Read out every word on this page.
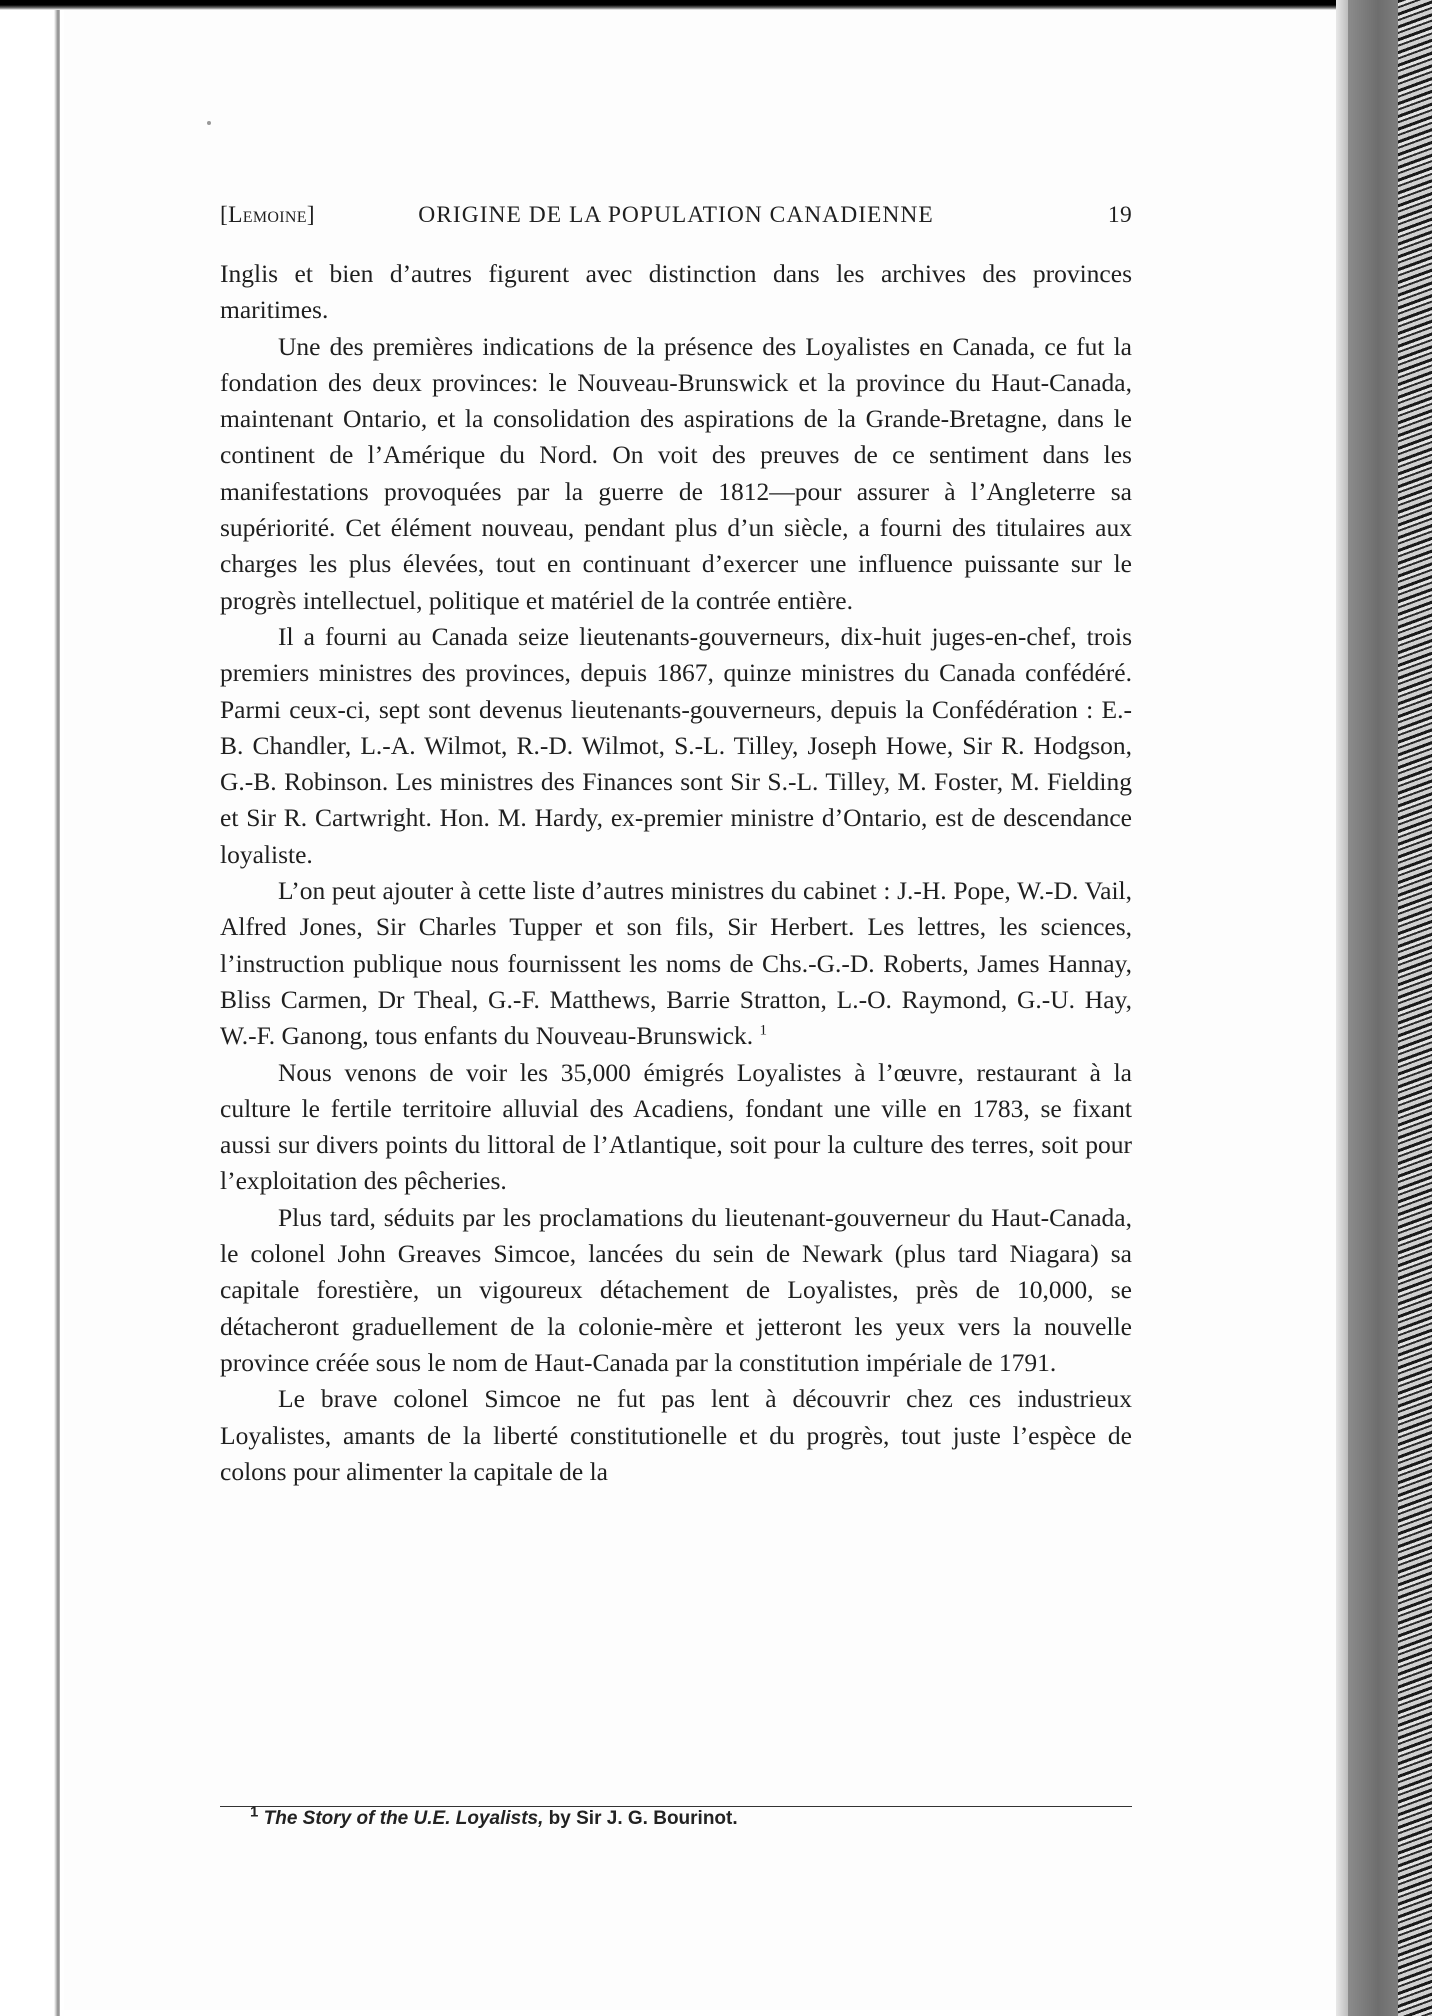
[Lemoine]	ORIGINE DE LA POPULATION CANADIENNE	19

Inglis et bien d’autres figurent avec distinction dans les archives des provinces maritimes.

Une des premières indications de la présence des Loyalistes en Canada, ce fut la fondation des deux provinces: le Nouveau-Brunswick et la province du Haut-Canada, maintenant Ontario, et la consolidation des aspirations de la Grande-Bretagne, dans le continent de l’Amérique du Nord. On voit des preuves de ce sentiment dans les manifestations provoquées par la guerre de 1812—pour assurer à l’Angleterre sa supériorité. Cet élément nouveau, pendant plus d’un siècle, a fourni des titulaires aux charges les plus élevées, tout en continuant d’exercer une influence puissante sur le progrès intellectuel, politique et matériel de la contrée entière.

Il a fourni au Canada seize lieutenants-gouverneurs, dix-huit juges-en-chef, trois premiers ministres des provinces, depuis 1867, quinze ministres du Canada confédéré. Parmi ceux-ci, sept sont devenus lieutenants-gouverneurs, depuis la Confédération : E.-B. Chandler, L.-A. Wilmot, R.-D. Wilmot, S.-L. Tilley, Joseph Howe, Sir R. Hodgson, G.-B. Robinson. Les ministres des Finances sont Sir S.-L. Tilley, M. Foster, M. Fielding et Sir R. Cartwright. Hon. M. Hardy, ex-premier ministre d’Ontario, est de descendance loyaliste.

L’on peut ajouter à cette liste d’autres ministres du cabinet : J.-H. Pope, W.-D. Vail, Alfred Jones, Sir Charles Tupper et son fils, Sir Herbert. Les lettres, les sciences, l’instruction publique nous fournissent les noms de Chs.-G.-D. Roberts, James Hannay, Bliss Carmen, Dr Theal, G.-F. Matthews, Barrie Stratton, L.-O. Raymond, G.-U. Hay, W.-F. Ganong, tous enfants du Nouveau-Brunswick. $^1$

Nous venons de voir les 35,000 émigrés Loyalistes à l’œuvre, restaurant à la culture le fertile territoire alluvial des Acadiens, fondant une ville en 1783, se fixant aussi sur divers points du littoral de l’Atlantique, soit pour la culture des terres, soit pour l’exploitation des pêcheries.

Plus tard, séduits par les proclamations du lieutenant-gouverneur du Haut-Canada, le colonel John Greaves Simcoe, lancées du sein de Newark (plus tard Niagara) sa capitale forestière, un vigoureux détachement de Loyalistes, près de 10,000, se détacheront graduellement de la colonie-mère et jetteront les yeux vers la nouvelle province créée sous le nom de Haut-Canada par la constitution impériale de 1791.

Le brave colonel Simcoe ne fut pas lent à découvrir chez ces industrieux Loyalistes, amants de la liberté constitutionelle et du progrès, tout juste l’espèce de colons pour alimenter la capitale de la

$^1$ The Story of the U.E. Loyalists, by Sir J. G. Bourinot.
